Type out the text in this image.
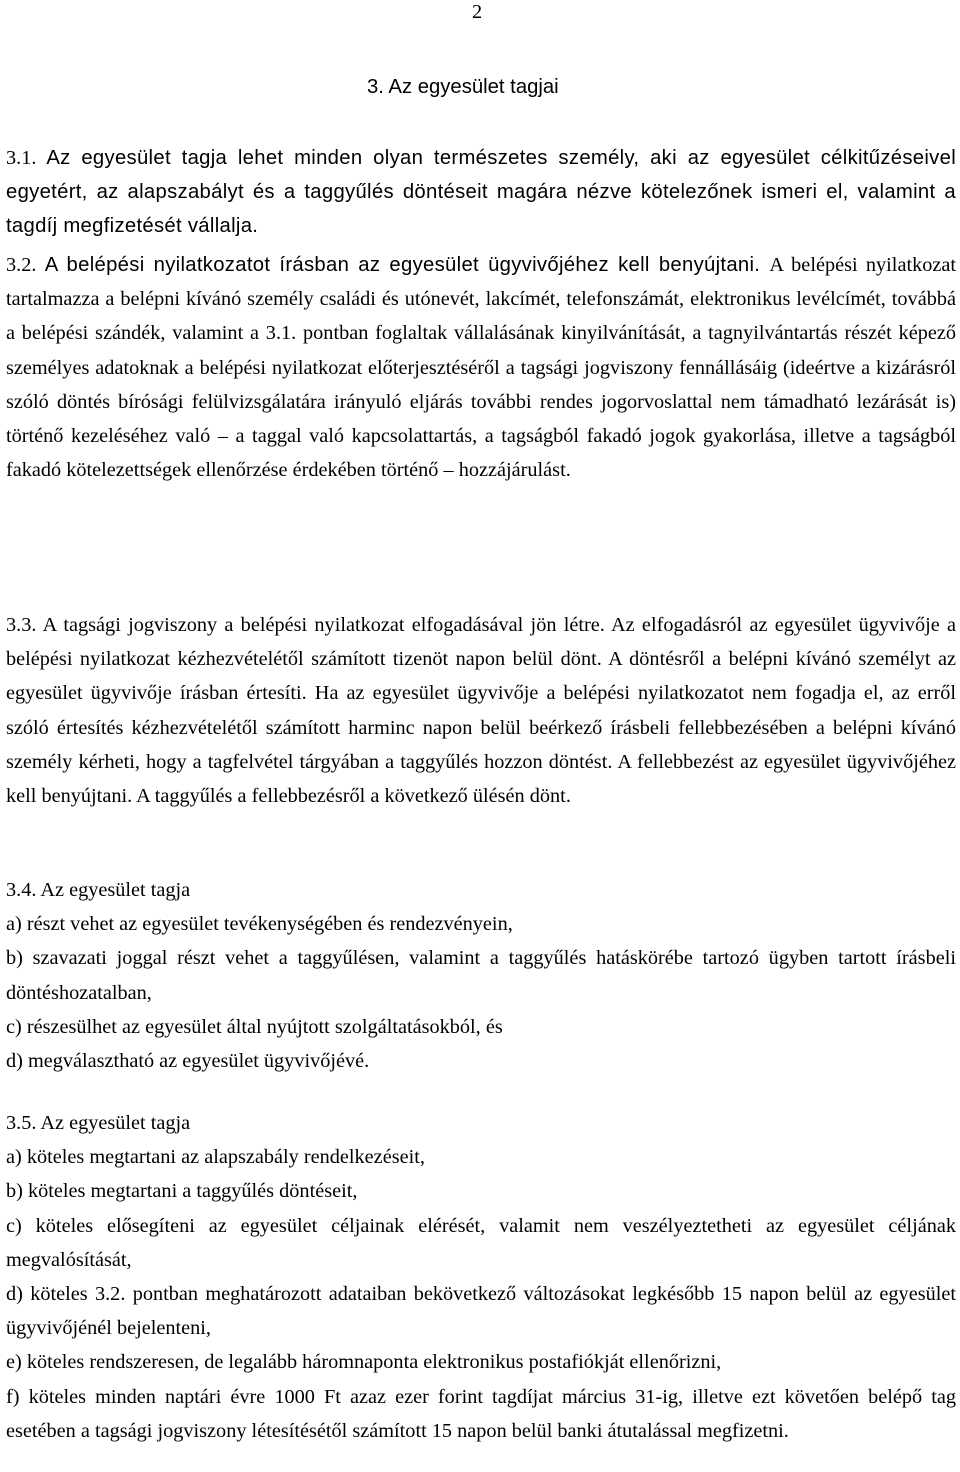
2
3. Az egyesület tagjai

3.1. Az egyesület tagja lehet minden olyan természetes személy, aki az egyesület célkitűzéseivel egyetért, az alapszabályt és a taggyűlés döntéseit magára nézve kötelezőnek ismeri el, valamint a tagdíj megfizetését vállalja.

3.2. A belépési nyilatkozatot írásban az egyesület ügyvivőjéhez kell benyújtani. A belépési nyilatkozat tartalmazza a belépni kívánó személy családi és utónevét, lakcímét, telefonszámát, elektronikus levélcímét, továbbá a belépési szándék, valamint a 3.1. pontban foglaltak vállalásának kinyilvánítását, a tagnyilvántartás részét képező személyes adatoknak a belépési nyilatkozat előterjesztéséről a tagsági jogviszony fennállásáig (ideértve a kizárásról szóló döntés bírósági felülvizsgálatára irányuló eljárás további rendes jogorvoslattal nem támadható lezárását is) történő kezeléséhez való – a taggal való kapcsolattartás, a tagságból fakadó jogok gyakorlása, illetve a tagságból fakadó kötelezettségek ellenőrzése érdekében történő – hozzájárulást.

3.3. A tagsági jogviszony a belépési nyilatkozat elfogadásával jön létre. Az elfogadásról az egyesület ügyvivője a belépési nyilatkozat kézhezvételétől számított tizenöt napon belül dönt. A döntésről a belépni kívánó személyt az egyesület ügyvivője írásban értesíti. Ha az egyesület ügyvivője a belépési nyilatkozatot nem fogadja el, az erről szóló értesítés kézhezvételétől számított harminc napon belül beérkező írásbeli fellebbezésében a belépni kívánó személy kérheti, hogy a tagfelvétel tárgyában a taggyűlés hozzon döntést. A fellebbezést az egyesület ügyvivőjéhez kell benyújtani. A taggyűlés a fellebbezésről a következő ülésén dönt.

3.4. Az egyesület tagja

a) részt vehet az egyesület tevékenységében és rendezvényein,

b) szavazati joggal részt vehet a taggyűlésen, valamint a taggyűlés hatáskörébe tartozó ügyben tartott írásbeli döntéshozatalban,

c) részesülhet az egyesület által nyújtott szolgáltatásokból, és

d) megválasztható az egyesület ügyvivőjévé.

3.5. Az egyesület tagja

a) köteles megtartani az alapszabály rendelkezéseit,

b) köteles megtartani a taggyűlés döntéseit,

c) köteles elősegíteni az egyesület céljainak elérését, valamit nem veszélyeztetheti az egyesület céljának megvalósítását,

d) köteles 3.2. pontban meghatározott adataiban bekövetkező változásokat legkésőbb 15 napon belül az egyesület ügyvivőjénél bejelenteni,

e) köteles rendszeresen, de legalább háromnaponta elektronikus postafiókját ellenőrizni,

f) köteles minden naptári évre 1000 Ft azaz ezer forint tagdíjat március 31-ig, illetve ezt követően belépő tag esetében a tagsági jogviszony létesítésétől számított 15 napon belül banki átutalással megfizetni.
